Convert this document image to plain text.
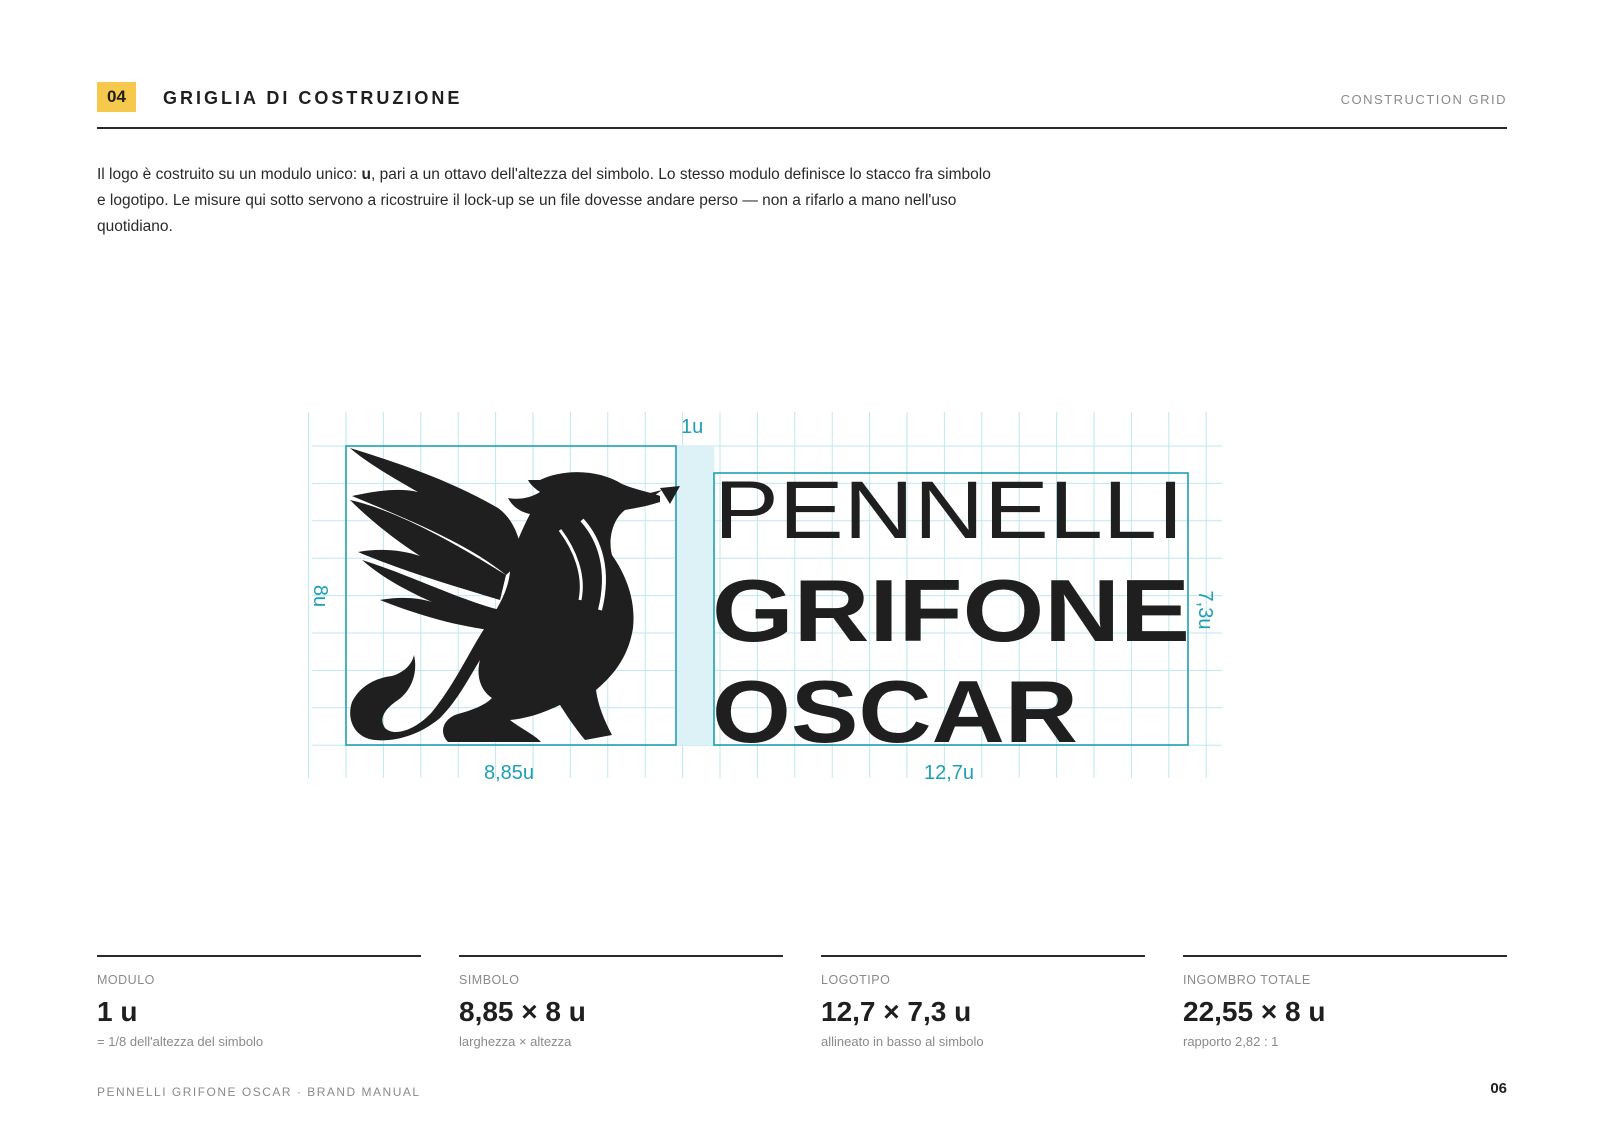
04	GRIGLIA DI COSTRUZIONE	CONSTRUCTION GRID

Il logo è costruito su un modulo unico: u, pari a un ottavo dell'altezza del simbolo. Lo stesso modulo definisce lo stacco fra simbolo e logotipo. Le misure qui sotto servono a ricostruire il lock-up se un file dovesse andare perso — non a rifarlo a mano nell'uso quotidiano.

PENNELLI
GRIFONE
OSCAR
1u
8u
8,85u	12,7u
7,3u
MODULO
1 u
= 1/8 dell'altezza del simbolo
SIMBOLO
8,85 × 8 u
larghezza × altezza
LOGOTIPO
12,7 × 7,3 u
allineato in basso al simbolo
INGOMBRO TOTALE
22,55 × 8 u
rapporto 2,82 : 1
PENNELLI GRIFONE OSCAR · BRAND MANUAL	06
